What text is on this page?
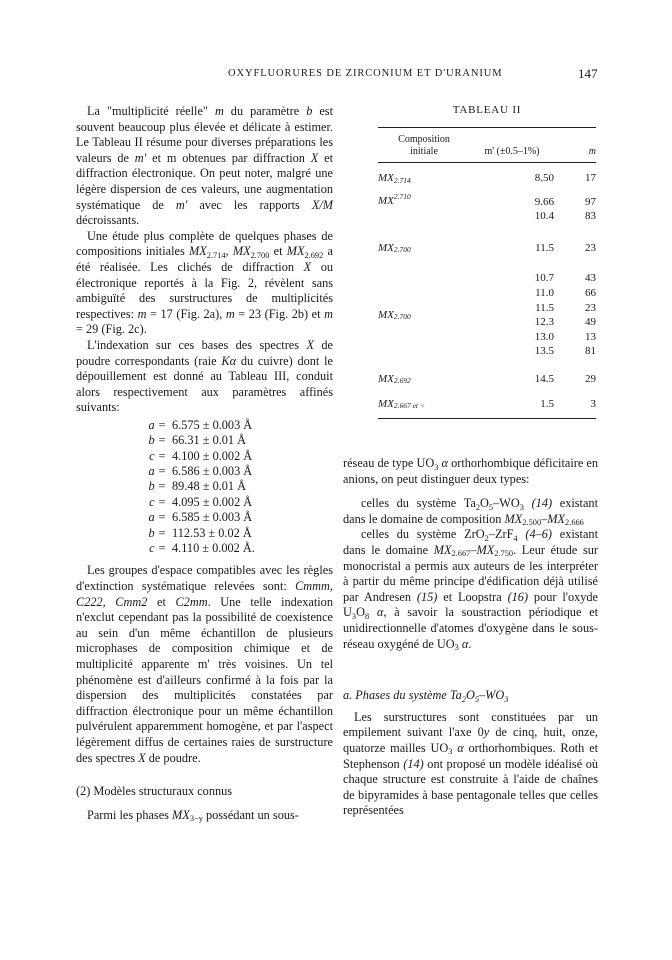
OXYFLUORURES DE ZIRCONIUM ET D'URANIUM	147

La "multiplicité réelle" m du paramètre b est souvent beaucoup plus élevée et délicate à estimer. Le Tableau II résume pour diverses préparations les valeurs de m' et m obtenues par diffraction X et diffraction électronique. On peut noter, malgré une légère dispersion de ces valeurs, une augmentation systématique de m' avec les rapports X/M décroissants.

Une étude plus complète de quelques phases de compositions initiales $MX_{2.714}$, $MX_{2.700}$ et $MX_{2.692}$ a été réalisée. Les clichés de diffraction X ou électronique reportés à la Fig. 2, révèlent sans ambiguïté des surstructures de multiplicités respectives: m = 17 (Fig. 2a), m = 23 (Fig. 2b) et m = 29 (Fig. 2c).

L'indexation sur ces bases des spectres X de poudre correspondants (raie Kα du cuivre) dont le dépouillement est donné au Tableau III, conduit alors respectivement aux paramètres affinés suivants:

a = 6.575 ± 0.003 Å
b = 66.31 ± 0.01 Å
c = 4.100 ± 0.002 Å
a = 6.586 ± 0.003 Å
b = 89.48 ± 0.01 Å
c = 4.095 ± 0.002 Å
a = 6.585 ± 0.003 Å
b = 112.53 ± 0.02 Å
c = 4.110 ± 0.002 Å.

Les groupes d'espace compatibles avec les règles d'extinction systématique relevées sont: Cmmm, C222, Cmm2 et C2mm. Une telle indexation n'exclut cependant pas la possibilité de coexistence au sein d'un même échantillon de plusieurs microphases de composition chimique et de multiplicité apparente m' très voisines. Un tel phénomène est d'ailleurs confirmé à la fois par la dispersion des multiplicités constatées par diffraction électronique pour un même échantillon pulvérulent apparemment homogène, et par l'aspect légèrement diffus de certaines raies de surstructure des spectres X de poudre.

(2) Modèles structuraux connus

Parmi les phases $MX_{3-y}$ possédant un sous-

TABLEAU II
Composition
initiale	m' (±0.5–1%)	m
$MX_{2.714}$	8.50	17
$MX_{2.710}$	9.66	97
10.4	83
$MX_{2.700}$	11.5	23
$MX_{2.700}$
10.7	43
11.0	66
11.5	23
12.3	49
13.0	13
13.5	81
$MX_{2.692}$	14.5	29
$MX_{2.667 et <}$	1.5	3

réseau de type $UO_3$ α orthorhombique déficitaire en anions, on peut distinguer deux types:

celles du système $Ta_2O_5-WO_3$ (14) existant dans le domaine de composition $MX_{2.500}-MX_{2.666}$

celles du système ZrO$_2$–ZrF$_4$ (4–6) existant dans le domaine $MX_{2.667}-MX_{2.750}$. Leur étude sur monocristal a permis aux auteurs de les interpréter à partir du même principe d'édification déjà utilisé par Andresen (15) et Loopstra (16) pour l'oxyde $U_3O_8$ α, à savoir la soustraction périodique et unidirectionnelle d'atomes d'oxygène dans le sous-réseau oxygéné de $UO_3$ α.

a. Phases du système $Ta_2O_5-WO_3$

Les surstructures sont constituées par un empilement suivant l'axe 0y de cinq, huit, onze, quatorze mailles $UO_3$ α orthorhombiques. Roth et Stephenson (14) ont proposé un modèle idéalisé où chaque structure est construite à l'aide de chaînes de bipyramides à base pentagonale telles que celles représentées
